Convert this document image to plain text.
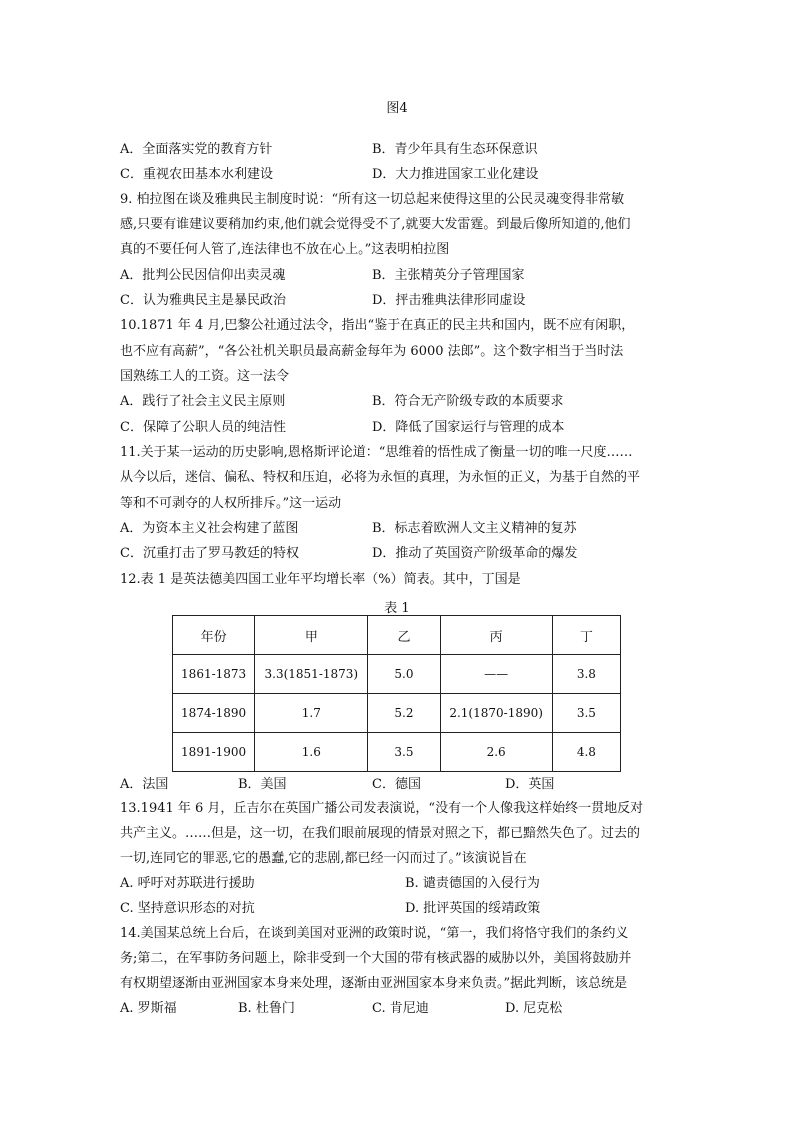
图4
A．全面落实党的教育方针	B．青少年具有生态环保意识
C．重视农田基本水利建设	D．大力推进国家工业化建设
9. 柏拉图在谈及雅典民主制度时说：“所有这一切总起来使得这里的公民灵魂变得非常敏
感,只要有谁建议要稍加约束,他们就会觉得受不了,就要大发雷霆。到最后像所知道的,他们
真的不要任何人管了,连法律也不放在心上。”这表明柏拉图
A．批判公民因信仰出卖灵魂	B．主张精英分子管理国家
C．认为雅典民主是暴民政治	D．抨击雅典法律形同虚设
10.1871 年 4 月,巴黎公社通过法令，指出“鉴于在真正的民主共和国内，既不应有闲职，
也不应有高薪”，“各公社机关职员最高薪金每年为 6000 法郎”。这个数字相当于当时法
国熟练工人的工资。这一法令
A．践行了社会主义民主原则	B．符合无产阶级专政的本质要求
C．保障了公职人员的纯洁性	D．降低了国家运行与管理的成本
11.关于某一运动的历史影响,恩格斯评论道：“思维着的悟性成了衡量一切的唯一尺度……
从今以后，迷信、偏私、特权和压迫，必将为永恒的真理，为永恒的正义，为基于自然的平
等和不可剥夺的人权所排斥。”这一运动
A．为资本主义社会构建了蓝图	B．标志着欧洲人文主义精神的复苏
C．沉重打击了罗马教廷的特权	D．推动了英国资产阶级革命的爆发
12.表 1 是英法德美四国工业年平均增长率（%）简表。其中，丁国是
表 1
年份	甲	乙	丙	丁
1861-1873	3.3(1851-1873)	5.0	——	3.8
1874-1890	1.7	5.2	2.1(1870-1890)	3.5
1891-1900	1.6	3.5	2.6	4.8
A．法国	B．美国	C．德国	D．英国
13.1941 年 6 月，丘吉尔在英国广播公司发表演说，“没有一个人像我这样始终一贯地反对
共产主义。……但是，这一切，在我们眼前展现的情景对照之下，都已黯然失色了。过去的
一切,连同它的罪恶,它的愚蠢,它的悲剧,都已经一闪而过了。”该演说旨在
A. 呼吁对苏联进行援助	B. 谴责德国的入侵行为
C. 坚持意识形态的对抗	D. 批评英国的绥靖政策
14.美国某总统上台后，在谈到美国对亚洲的政策时说，“第一，我们将恪守我们的条约义
务;第二，在军事防务问题上，除非受到一个大国的带有核武器的威胁以外，美国将鼓励并
有权期望逐渐由亚洲国家本身来处理，逐渐由亚洲国家本身来负责。”据此判断，该总统是
A. 罗斯福	B. 杜鲁门	C. 肯尼迪	D. 尼克松
